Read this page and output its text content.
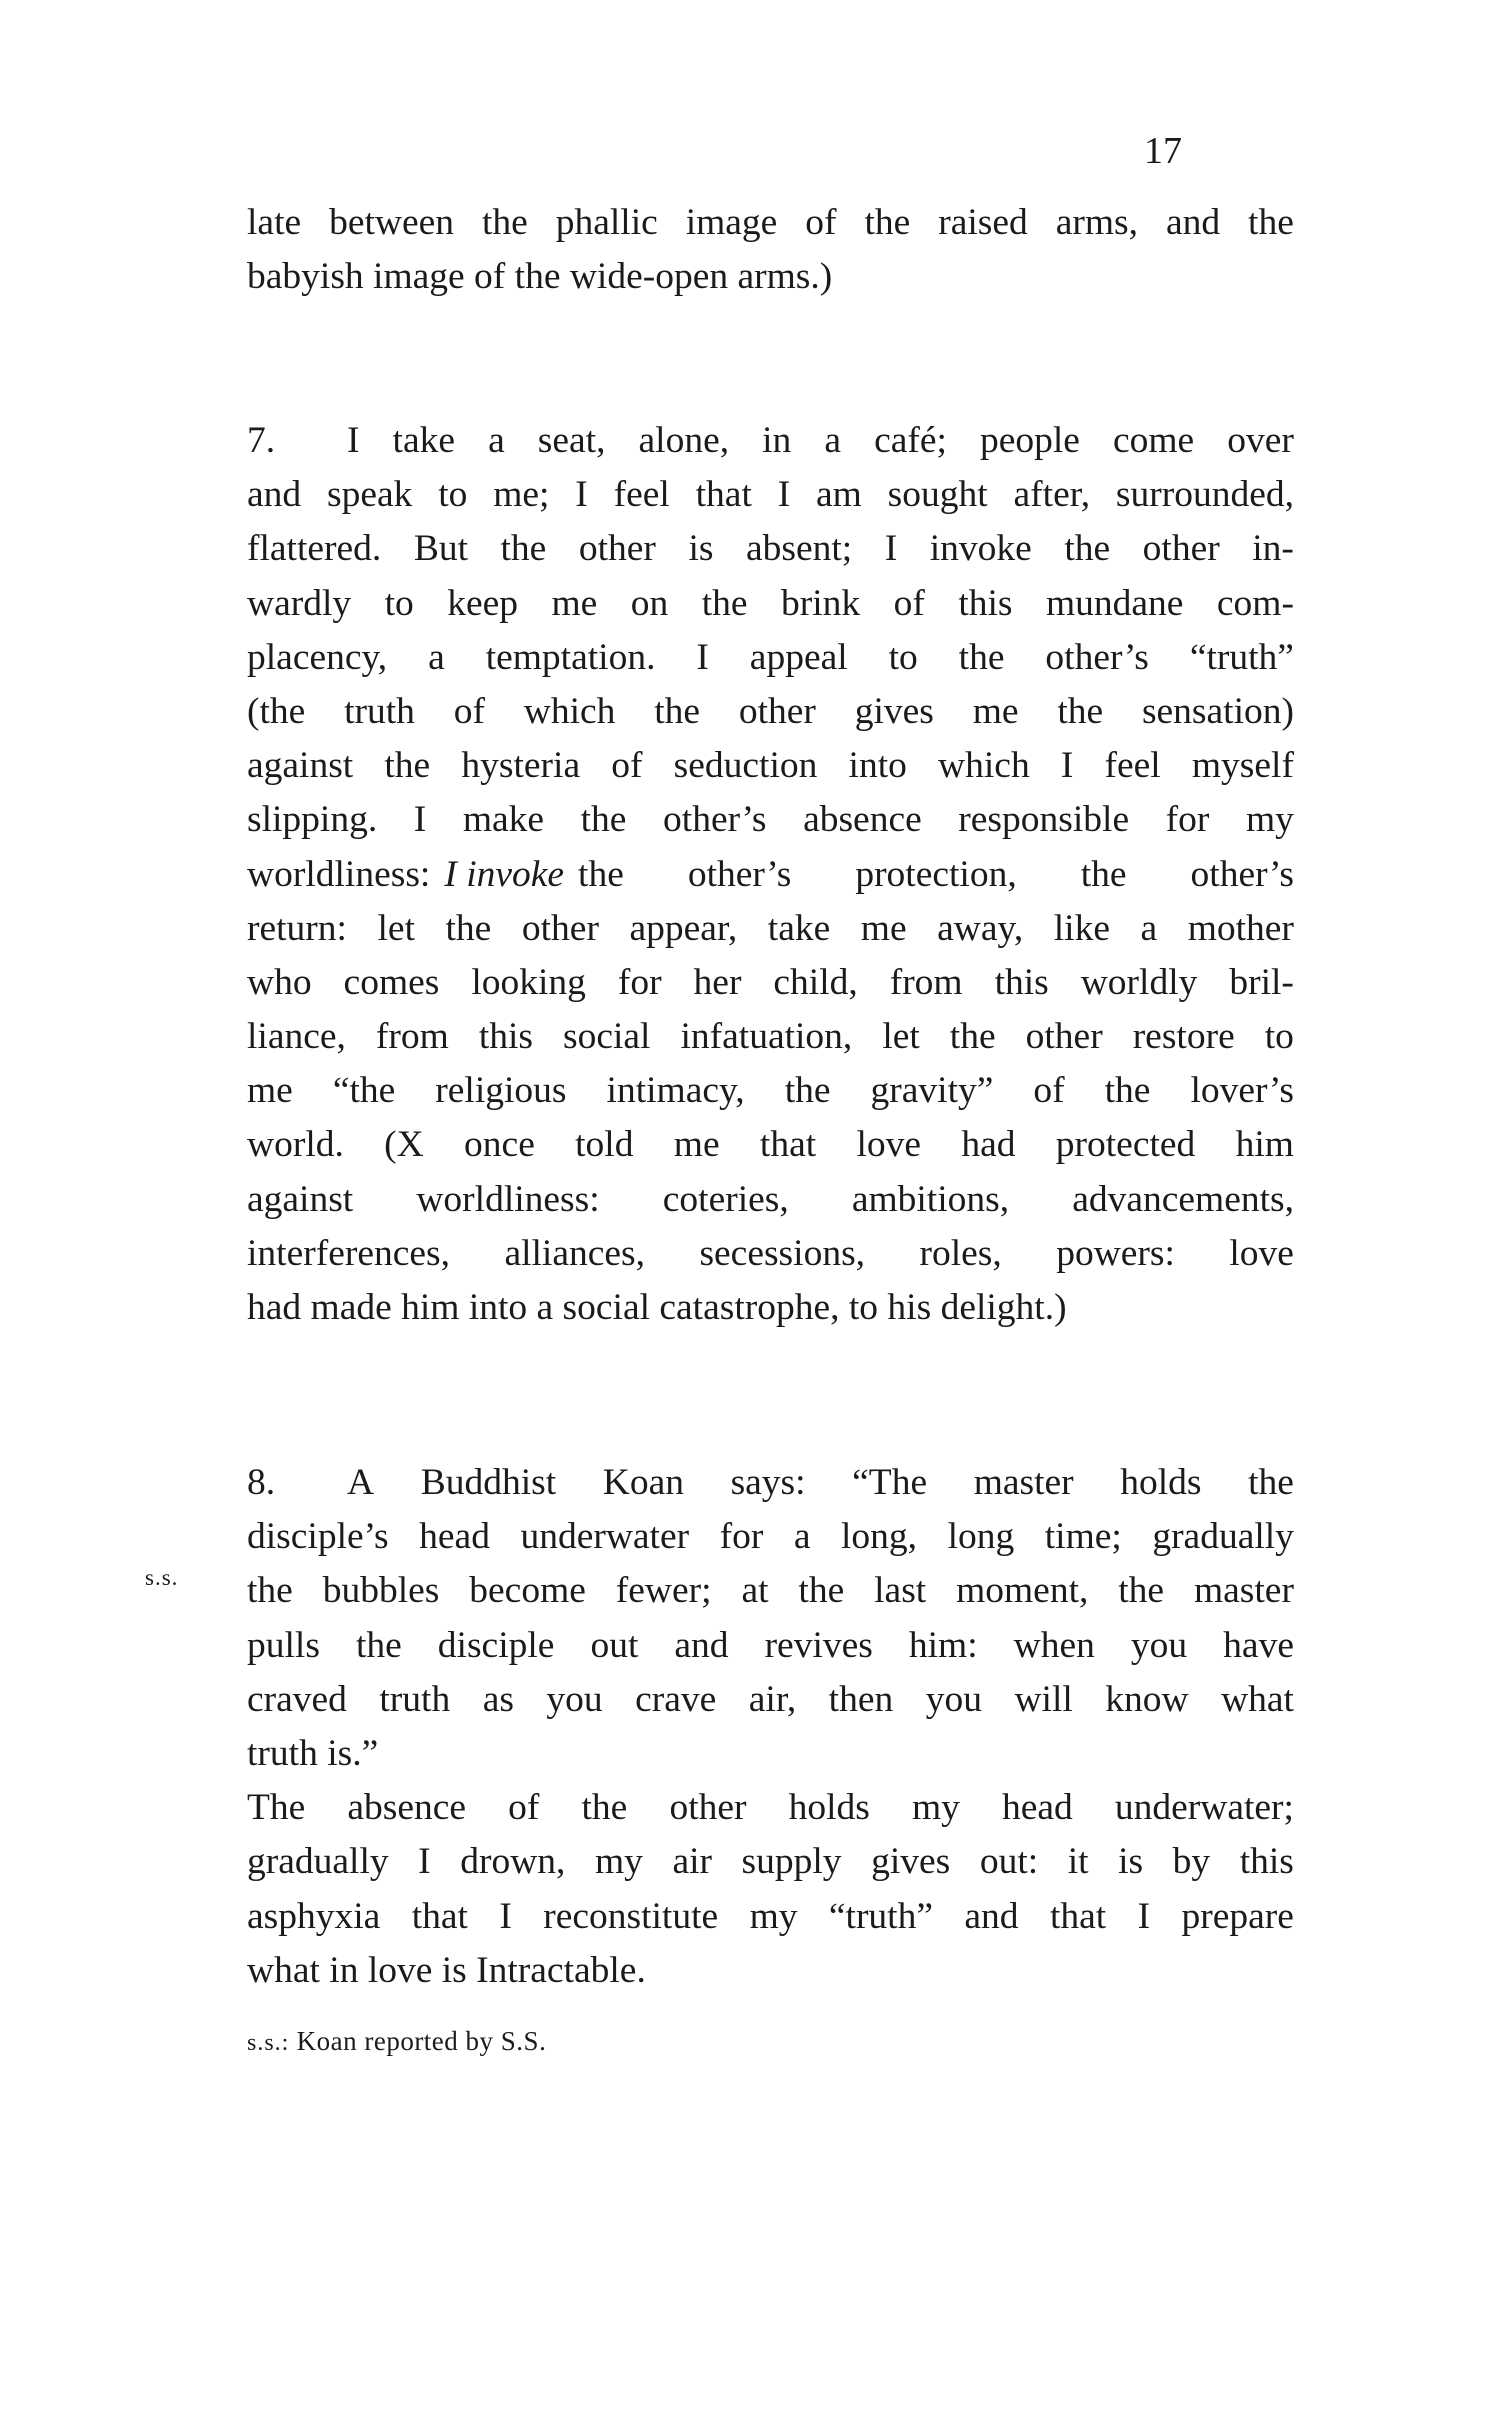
17
late between the phallic image of the raised arms, and the
babyish image of the wide-open arms.)
7.	I take a seat, alone, in a café; people come over
and speak to me; I feel that I am sought after, surrounded,
flattered. But the other is absent; I invoke the other in-
wardly to keep me on the brink of this mundane com-
placency, a temptation. I appeal to the other’s “truth”
(the truth of which the other gives me the sensation)
against the hysteria of seduction into which I feel myself
slipping. I make the other’s absence responsible for my
worldliness: I invoke the other’s protection, the other’s
return: let the other appear, take me away, like a mother
who comes looking for her child, from this worldly bril-
liance, from this social infatuation, let the other restore to
me “the religious intimacy, the gravity” of the lover’s
world. (X once told me that love had protected him
against worldliness: coteries, ambitions, advancements,
interferences, alliances, secessions, roles, powers: love
had made him into a social catastrophe, to his delight.)
8.	A Buddhist Koan says: “The master holds the
disciple’s head underwater for a long, long time; gradually
the bubbles become fewer; at the last moment, the master
pulls the disciple out and revives him: when you have
craved truth as you crave air, then you will know what
truth is.”
The absence of the other holds my head underwater;
gradually I drown, my air supply gives out: it is by this
asphyxia that I reconstitute my “truth” and that I prepare
what in love is Intractable.
s.s.
s.s.: Koan reported by S.S.
